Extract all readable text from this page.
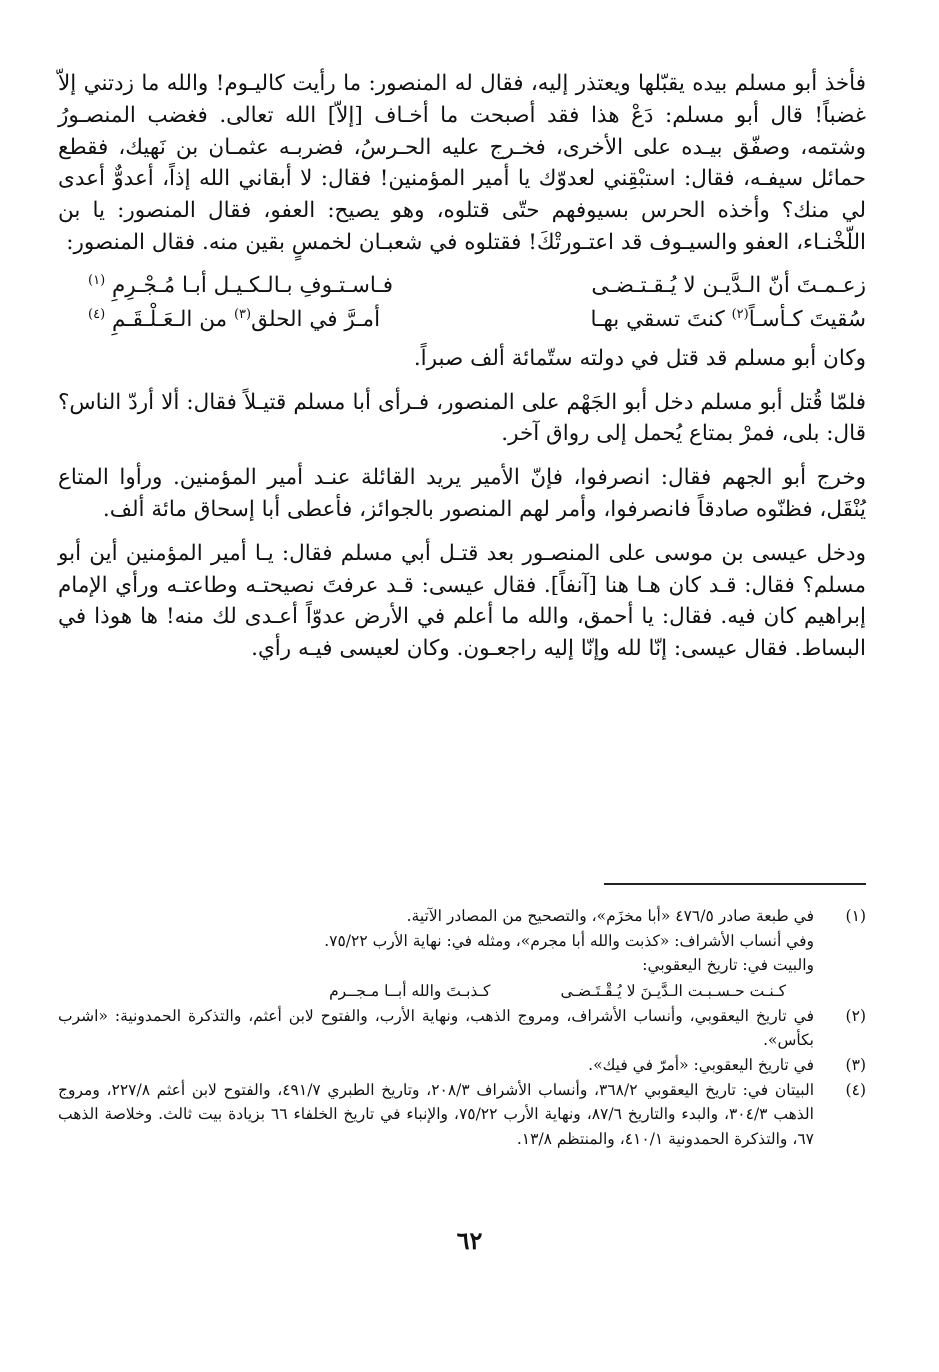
فأخذ أبو مسلم بيده يقبّلها ويعتذر إليه، فقال له المنصور: ما رأيت كاليـوم! والله ما زدتني إلاّ غضباً! قال أبو مسلم: دَعْ هذا فقد أصبحت ما أخـاف [إلاّ] الله تعالى. فغضب المنصـورُ وشتمه، وصفّق بيـده على الأخرى، فخـرج عليه الحـرسُ، فضربـه عثمـان بن نَهيك، فقطع حمائل سيفـه، فقال: استبْقِني لعدوّك يا أمير المؤمنين! فقال: لا أبقاني الله إذاً، أعدوٌّ أعدى لي منك؟ وأخذه الحرس بسيوفهم حتّى قتلوه، وهو يصيح: العفو، فقال المنصور: يا بن اللّخْنـاء، العفو والسيـوف قد اعتـورتْكَ! فقتلوه في شعبـان لخمسٍ بقين منه. فقال المنصور:

زعـمـتَ أنّ الـدَّيـن لا يُـقـتـضـى
فـاسـتـوفِ بـالـكـيـل أبـا مُـجْـرِمِ $^{(١)}$
سُقيتَ كـأسـاً$^{(٢)}$ كنتَ تسقي بهـا
أمـرَّ في الحلق$^{(٣)}$ من الـعَـلْـقَـمِ $^{(٤)}$

وكان أبو مسلم قد قتل في دولته ستّمائة ألف صبراً.

فلمّا قُتل أبو مسلم دخل أبو الجَهْم على المنصور، فـرأى أبا مسلم قتيـلاً فقال: ألا أردّ الناس؟ قال: بلى، فمرْ بمتاع يُحمل إلى رواق آخر.

وخرج أبو الجهم فقال: انصرفوا، فإنّ الأمير يريد القائلة عنـد أمير المؤمنين. ورأوا المتاع يُنْقَل، فظنّوه صادقاً فانصرفوا، وأمر لهم المنصور بالجوائز، فأعطى أبا إسحاق مائة ألف.

ودخل عيسى بن موسى على المنصـور بعد قتـل أبي مسلم فقال: يـا أمير المؤمنين أين أبو مسلم؟ فقال: قـد كان هـا هنا [آنفاً]. فقال عيسى: قـد عرفتَ نصيحتـه وطاعتـه ورأي الإمام إبراهيم كان فيه. فقال: يا أحمق، والله ما أعلم في الأرض عدوّاً أعـدى لك منه! ها هوذا في البساط. فقال عيسى: إنّا لله وإنّا إليه راجعـون. وكان لعيسى فيـه رأي.

(١)
في طبعة صادر ٤٧٦/٥ «أبا مخزَم»، والتصحيح من المصادر الآتية.
وفي أنساب الأشراف: «كذبت والله أبا مجرم»، ومثله في: نهاية الأرب ٧٥/٢٢.
والبيت في: تاريخ اليعقوبي:
كـنـت حـسـبـت الـدَّيـنَ لا يُـقْـتَـضـى
كـذبـتَ والله أبــا مـجــرم
(٢)
في تاريخ اليعقوبي، وأنساب الأشراف، ومروج الذهب، ونهاية الأرب، والفتوح لابن أعثم، والتذكرة الحمدونية: «اشرب بكأس».
(٣)
في تاريخ اليعقوبي: «أمرّ في فيك».
(٤)
البيتان في: تاريخ اليعقوبي ٣٦٨/٢، وأنساب الأشراف ٢٠٨/٣، وتاريخ الطبري ٤٩١/٧، والفتوح لابن أعثم ٢٢٧/٨، ومروج الذهب ٣٠٤/٣، والبدء والتاريخ ٨٧/٦، ونهاية الأرب ٧٥/٢٢، والإنباء في تاريخ الخلفاء ٦٦ بزيادة بيت ثالث. وخلاصة الذهب ٦٧، والتذكرة الحمدونية ٤١٠/١، والمنتظم ١٣/٨.
٦٢
